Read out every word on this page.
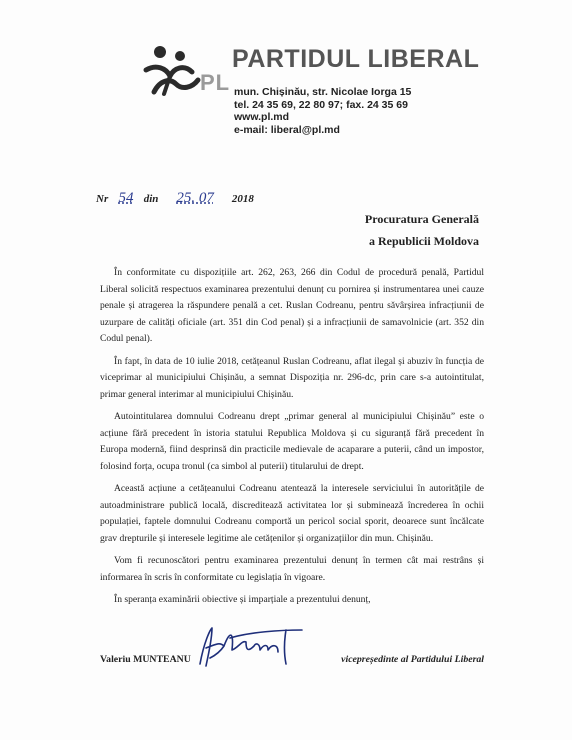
PL
PARTIDUL LIBERAL
mun. Chișinău, str. Nicolae Iorga 15
tel. 24 35 69, 22 80 97; fax. 24 35 69
www.pl.md
e-mail: liberal@pl.md
Nr 54 din 25. 07 2018
Procuratura Generală
a Republicii Moldova

În conformitate cu dispozițiile art. 262, 263, 266 din Codul de procedură penală, Partidul Liberal solicită respectuos examinarea prezentului denunț cu pornirea și instrumentarea unei cauze penale și atragerea la răspundere penală a cet. Ruslan Codreanu, pentru săvârșirea infracțiunii de uzurpare de calități oficiale (art. 351 din Cod penal) și a infracțiunii de samavolnicie (art. 352 din Codul penal).

În fapt, în data de 10 iulie 2018, cetățeanul Ruslan Codreanu, aflat ilegal și abuziv în funcția de viceprimar al municipiului Chișinău, a semnat Dispoziția nr. 296-dc, prin care s-a autointitulat, primar general interimar al municipiului Chișinău.

Autointitularea domnului Codreanu drept „primar general al municipiului Chișinău” este o acțiune fără precedent în istoria statului Republica Moldova și cu siguranță fără precedent în Europa modernă, fiind desprinsă din practicile medievale de acaparare a puterii, când un impostor, folosind forța, ocupa tronul (ca simbol al puterii) titularului de drept.

Această acțiune a cetățeanului Codreanu atentează la interesele serviciului în autoritățile de autoadministrare publică locală, discreditează activitatea lor și subminează încrederea în ochii populației, faptele domnului Codreanu comportă un pericol social sporit, deoarece sunt încălcate grav drepturile și interesele legitime ale cetățenilor și organizațiilor din mun. Chișinău.

Vom fi recunoscători pentru examinarea prezentului denunț în termen cât mai restrâns și informarea în scris în conformitate cu legislația în vigoare.

În speranța examinării obiective și imparțiale a prezentului denunț,

Valeriu MUNTEANU	vicepreședinte al Partidului Liberal
